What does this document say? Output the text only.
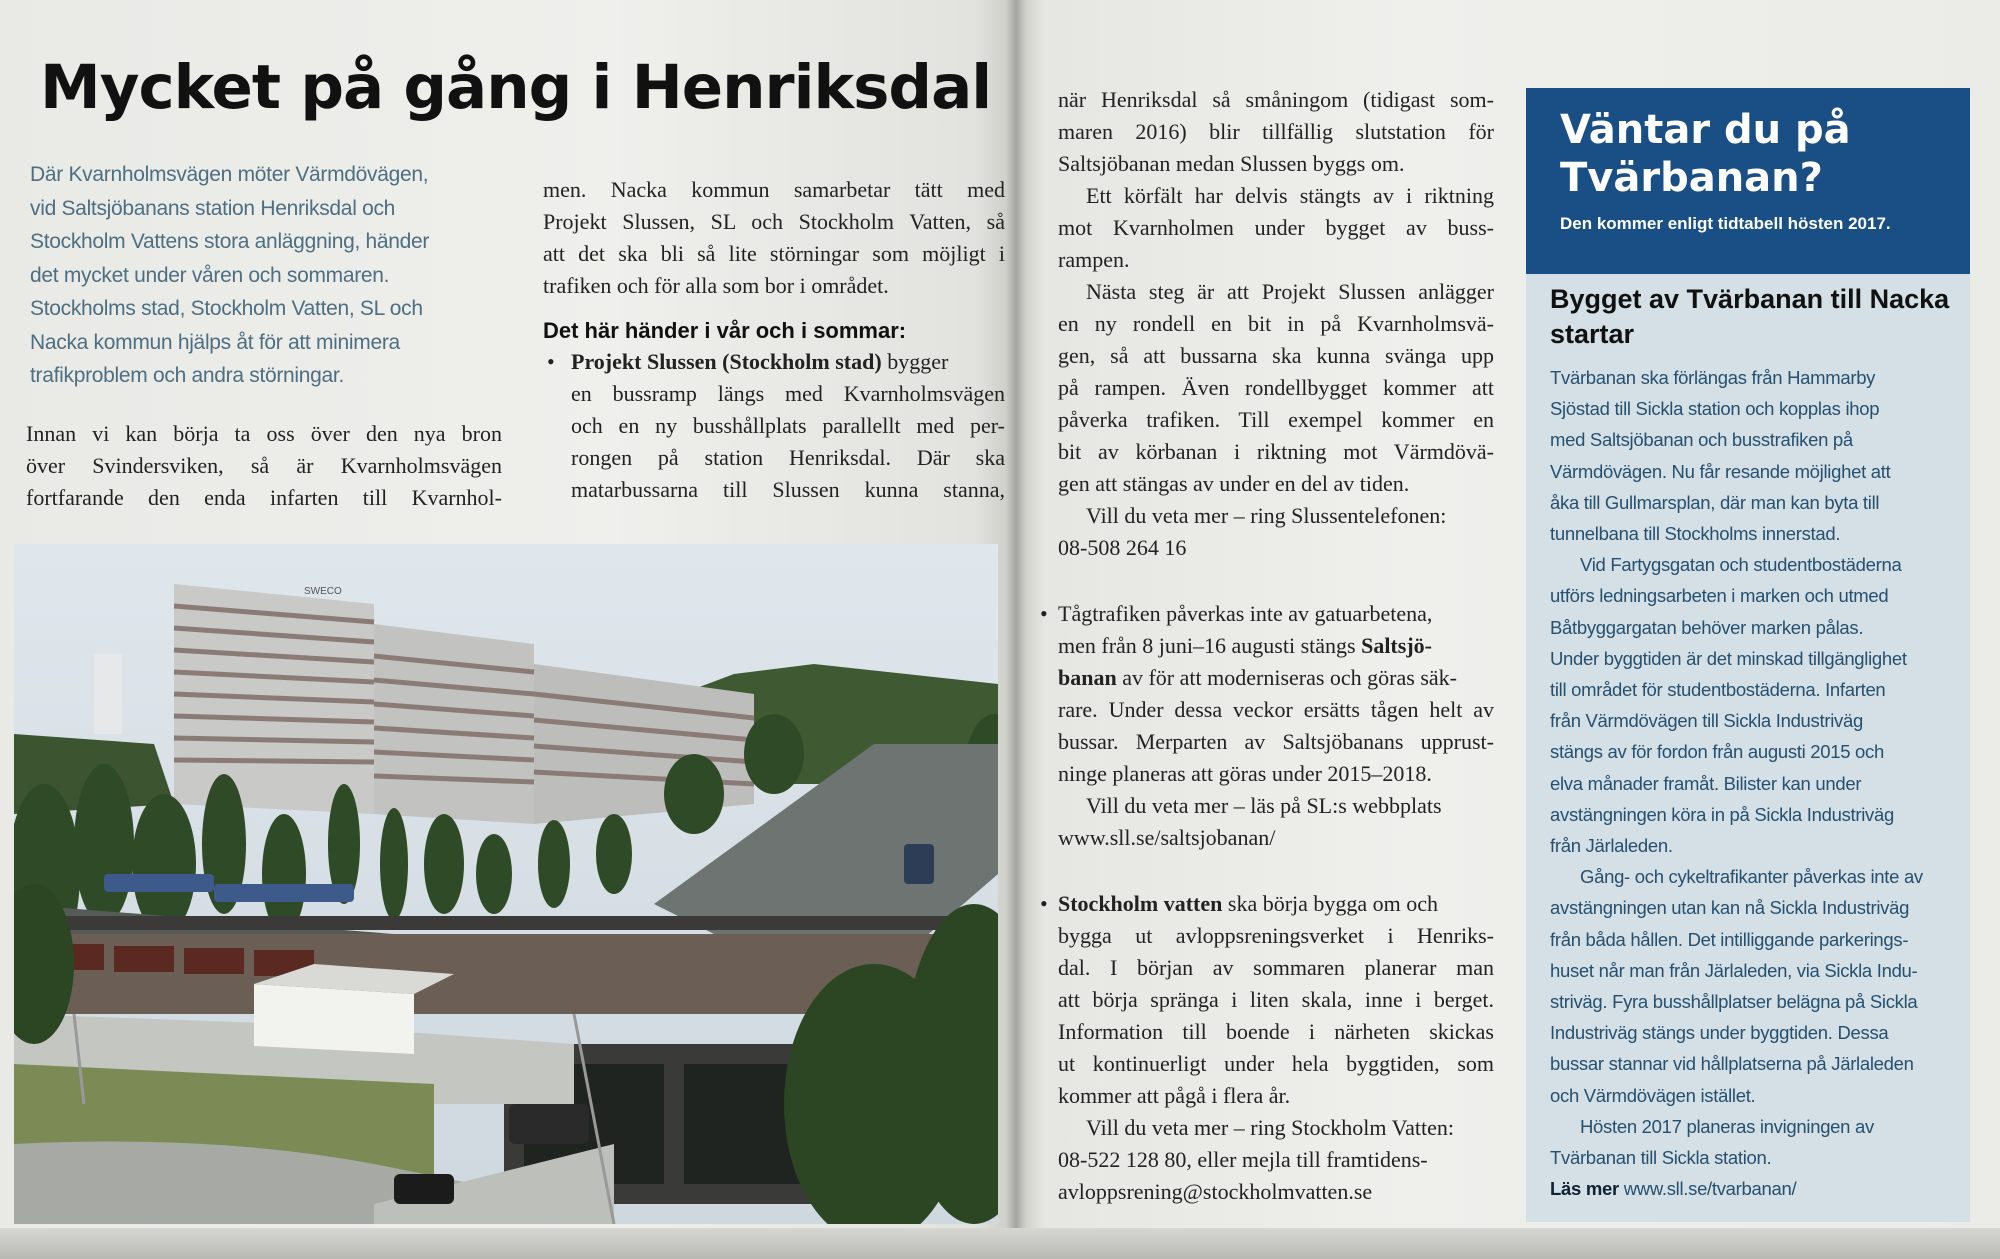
Mycket på gång i Henriksdal
Där Kvarnholmsvägen möter Värmdövägen,
vid Saltsjöbanans station Henriksdal och
Stockholm Vattens stora anläggning, händer
det mycket under våren och sommaren.
Stockholms stad, Stockholm Vatten, SL och
Nacka kommun hjälps åt för att minimera
trafikproblem och andra störningar.
Innan vi kan börja ta oss över den nya bron
över Svindersviken, så är Kvarnholmsvägen
fortfarande den enda infarten till Kvarnhol-
men. Nacka kommun samarbetar tätt med
Projekt Slussen, SL och Stockholm Vatten, så
att det ska bli så lite störningar som möjligt i
trafiken och för alla som bor i området.
Det här händer i vår och i sommar:
• Projekt Slussen (Stockholm stad) bygger
en bussramp längs med Kvarnholmsvägen
och en ny busshållplats parallellt med per-
rongen på station Henriksdal. Där ska
matarbussarna till Slussen kunna stanna,
SWECO
när Henriksdal så småningom (tidigast som-
maren 2016) blir tillfällig slutstation för
Saltsjöbanan medan Slussen byggs om.
Ett körfält har delvis stängts av i riktning
mot Kvarnholmen under bygget av buss-
rampen.
Nästa steg är att Projekt Slussen anlägger
en ny rondell en bit in på Kvarnholmsvä-
gen, så att bussarna ska kunna svänga upp
på rampen. Även rondellbygget kommer att
påverka trafiken. Till exempel kommer en
bit av körbanan i riktning mot Värmdövä-
gen att stängas av under en del av tiden.
Vill du veta mer – ring Slussentelefonen:
08-508 264 16
• Tågtrafiken påverkas inte av gatuarbetena,
men från 8 juni–16 augusti stängs Saltsjö-
banan av för att moderniseras och göras säk-
rare. Under dessa veckor ersätts tågen helt av
bussar. Merparten av Saltsjöbanans upprust-
ninge planeras att göras under 2015–2018.
Vill du veta mer – läs på SL:s webbplats
www.sll.se/saltsjobanan/
• Stockholm vatten ska börja bygga om och
bygga ut avloppsreningsverket i Henriks-
dal. I början av sommaren planerar man
att börja spränga i liten skala, inne i berget.
Information till boende i närheten skickas
ut kontinuerligt under hela byggtiden, som
kommer att pågå i flera år.
Vill du veta mer – ring Stockholm Vatten:
08-522 128 80, eller mejla till framtidens-
avloppsrening@stockholmvatten.se
Väntar du på Tvärbanan?
Den kommer enligt tidtabell hösten 2017.
Bygget av Tvärbanan till Nacka startar
Tvärbanan ska förlängas från Hammarby
Sjöstad till Sickla station och kopplas ihop
med Saltsjöbanan och busstrafiken på
Värmdövägen. Nu får resande möjlighet att
åka till Gullmarsplan, där man kan byta till
tunnelbana till Stockholms innerstad.
Vid Fartygsgatan och studentbostäderna
utförs ledningsarbeten i marken och utmed
Båtbyggargatan behöver marken pålas.
Under byggtiden är det minskad tillgänglighet
till området för studentbostäderna. Infarten
från Värmdövägen till Sickla Industriväg
stängs av för fordon från augusti 2015 och
elva månader framåt. Bilister kan under
avstängningen köra in på Sickla Industriväg
från Järlaleden.
Gång- och cykeltrafikanter påverkas inte av
avstängningen utan kan nå Sickla Industriväg
från båda hållen. Det intilliggande parkerings-
huset når man från Järlaleden, via Sickla Indu-
striväg. Fyra busshållplatser belägna på Sickla
Industriväg stängs under byggtiden. Dessa
bussar stannar vid hållplatserna på Järlaleden
och Värmdövägen istället.
Hösten 2017 planeras invigningen av
Tvärbanan till Sickla station.
Läs mer www.sll.se/tvarbanan/
